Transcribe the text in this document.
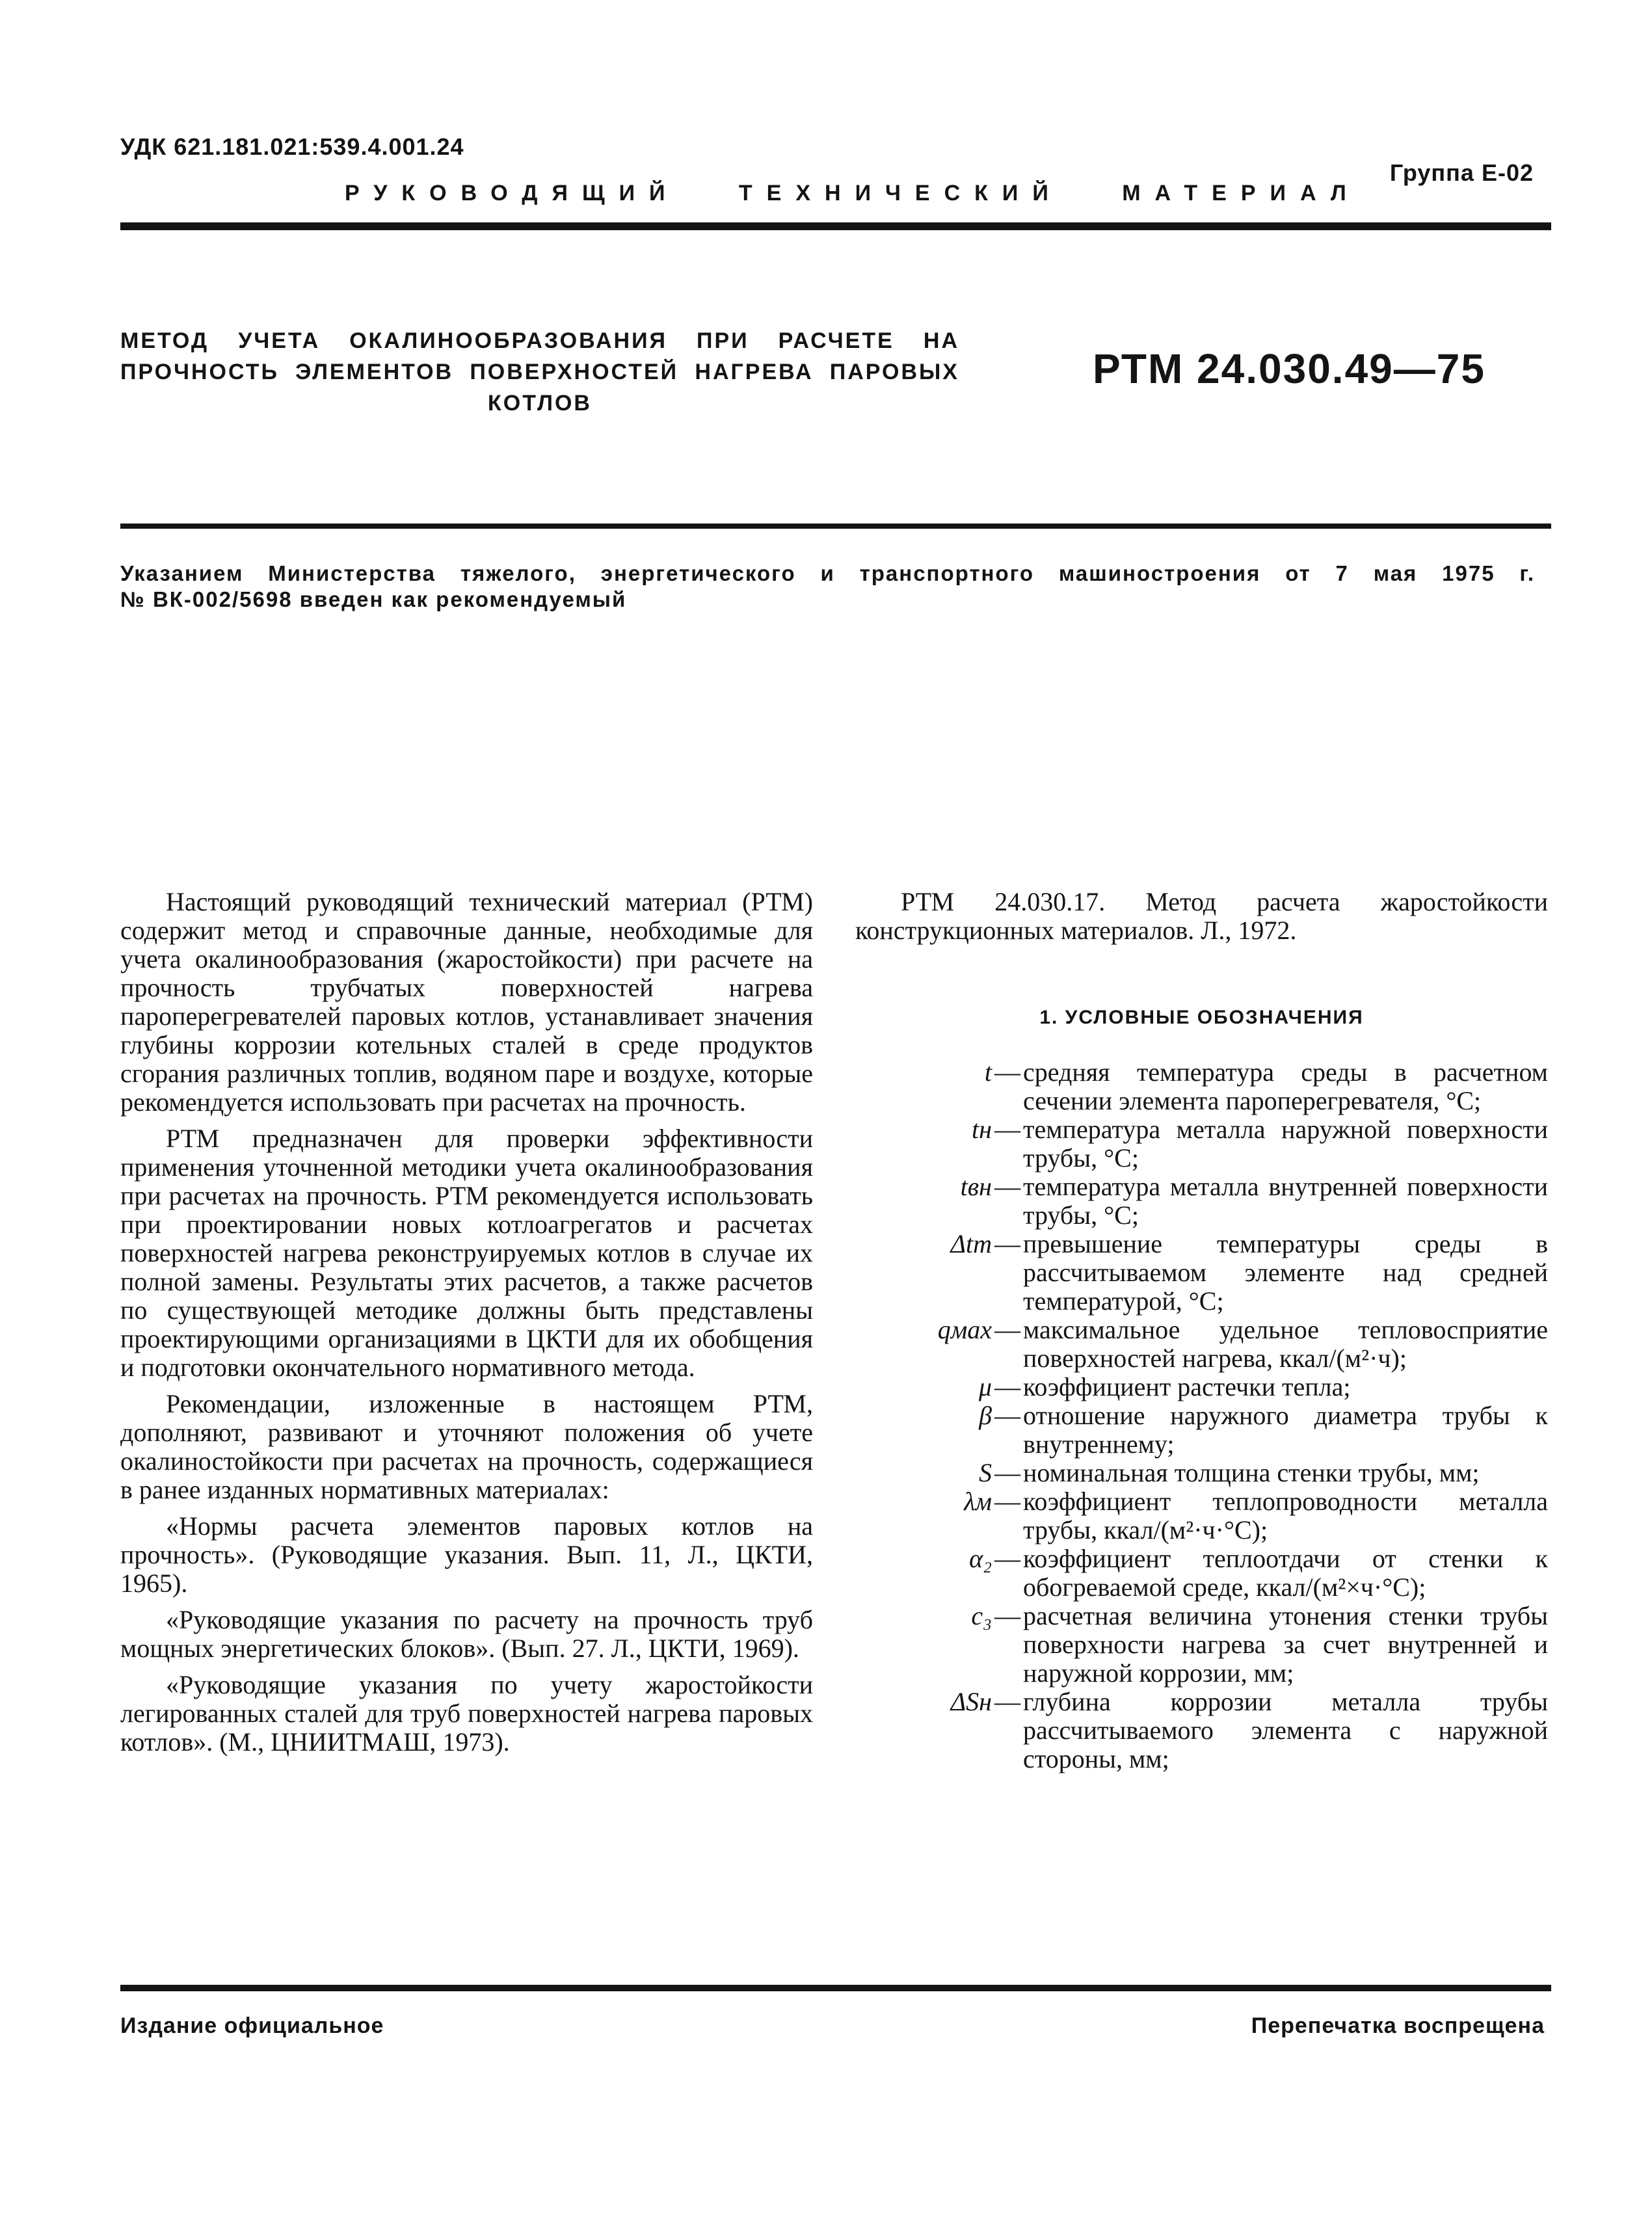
УДК 621.181.021:539.4.001.24
Группа Е-02
РУКОВОДЯЩИЙ ТЕХНИЧЕСКИЙ МАТЕРИАЛ
МЕТОД УЧЕТА ОКАЛИНООБРАЗОВАНИЯ ПРИ РАСЧЕТЕ НА ПРОЧНОСТЬ ЭЛЕМЕНТОВ ПОВЕРХНОСТЕЙ НАГРЕВА ПАРОВЫХ КОТЛОВ
РТМ 24.030.49—75

Указанием Министерства тяжелого, энергетического и транспортного машиностроения от 7 мая 1975 г.

№ ВК-002/5698 введен как рекомендуемый

Настоящий руководящий технический материал (РТМ) содержит метод и справочные данные, необходимые для учета окалинообразования (жаростойкости) при расчете на прочность трубчатых поверхностей нагрева пароперегревателей паровых котлов, устанавливает значения глубины коррозии котельных сталей в среде продуктов сгорания различных топлив, водяном паре и воздухе, которые рекомендуется использовать при расчетах на прочность.

РТМ предназначен для проверки эффективности применения уточненной методики учета окалинообразования при расчетах на прочность. РТМ рекомендуется использовать при проектировании новых котлоагрегатов и расчетах поверхностей нагрева реконструируемых котлов в случае их полной замены. Результаты этих расчетов, а также расчетов по существующей методике должны быть представлены проектирующими организациями в ЦКТИ для их обобщения и подготовки окончательного нормативного метода.

Рекомендации, изложенные в настоящем РТМ, дополняют, развивают и уточняют положения об учете окалиностойкости при расчетах на прочность, содержащиеся в ранее изданных нормативных материалах:

«Нормы расчета элементов паровых котлов на прочность». (Руководящие указания. Вып. 11, Л., ЦКТИ, 1965).

«Руководящие указания по расчету на прочность труб мощных энергетических блоков». (Вып. 27. Л., ЦКТИ, 1969).

«Руководящие указания по учету жаростойкости легированных сталей для труб поверхностей нагрева паровых котлов». (М., ЦНИИТМАШ, 1973).

РТМ 24.030.17. Метод расчета жаростойкости конструкционных материалов. Л., 1972.

1. УСЛОВНЫЕ ОБОЗНАЧЕНИЯ
t — средняя температура среды в расчетном сечении элемента пароперегревателя, °С;
tн — температура металла наружной поверхности трубы, °С;
tвн — температура металла внутренней поверхности трубы, °С;
Δtт — превышение температуры среды в рассчитываемом элементе над средней температурой, °С;
qмах — максимальное удельное тепловосприятие поверхностей нагрева, ккал/(м²·ч);
μ — коэффициент растечки тепла;
β — отношение наружного диаметра трубы к внутреннему;
S — номинальная толщина стенки трубы, мм;
λм — коэффициент теплопроводности металла трубы, ккал/(м²·ч·°С);
α₂ — коэффициент теплоотдачи от стенки к обогреваемой среде, ккал/(м²×ч·°С);
с₃ — расчетная величина утонения стенки трубы поверхности нагрева за счет внутренней и наружной коррозии, мм;
ΔSн — глубина коррозии металла трубы рассчитываемого элемента с наружной стороны, мм;
Издание официальное	Перепечатка воспрещена
